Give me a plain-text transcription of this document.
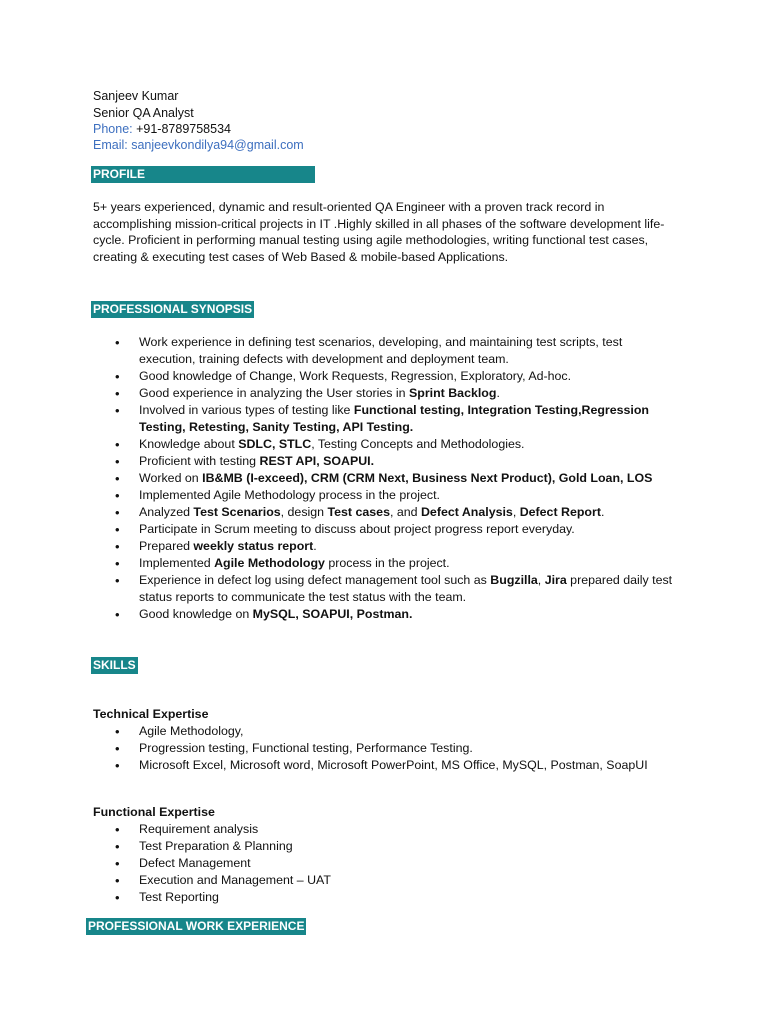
Sanjeev Kumar
Senior QA Analyst
Phone: +91-8789758534
Email: sanjeevkondilya94@gmail.com
PROFILE

5+ years experienced, dynamic and result-oriented QA Engineer with a proven track record in accomplishing mission-critical projects in IT .Highly skilled in all phases of the software development life-cycle. Proficient in performing manual testing using agile methodologies, writing functional test cases, creating & executing test cases of Web Based & mobile-based Applications.

PROFESSIONAL SYNOPSIS
• Work experience in defining test scenarios, developing, and maintaining test scripts, test execution, training defects with development and deployment team.
• Good knowledge of Change, Work Requests, Regression, Exploratory, Ad-hoc.
• Good experience in analyzing the User stories in Sprint Backlog.
• Involved in various types of testing like Functional testing, Integration Testing,Regression Testing, Retesting, Sanity Testing, API Testing.
• Knowledge about SDLC, STLC, Testing Concepts and Methodologies.
• Proficient with testing REST API, SOAPUI.
• Worked on IB&MB (I-exceed), CRM (CRM Next, Business Next Product), Gold Loan, LOS
• Implemented Agile Methodology process in the project.
• Analyzed Test Scenarios, design Test cases, and Defect Analysis, Defect Report.
• Participate in Scrum meeting to discuss about project progress report everyday.
• Prepared weekly status report.
• Implemented Agile Methodology process in the project.
• Experience in defect log using defect management tool such as Bugzilla, Jira prepared daily test status reports to communicate the test status with the team.
• Good knowledge on MySQL, SOAPUI, Postman.
SKILLS
Technical Expertise
• Agile Methodology,
• Progression testing, Functional testing, Performance Testing.
• Microsoft Excel, Microsoft word, Microsoft PowerPoint, MS Office, MySQL, Postman, SoapUI
Functional Expertise
• Requirement analysis
• Test Preparation & Planning
• Defect Management
• Execution and Management – UAT
• Test Reporting
PROFESSIONAL WORK EXPERIENCE
